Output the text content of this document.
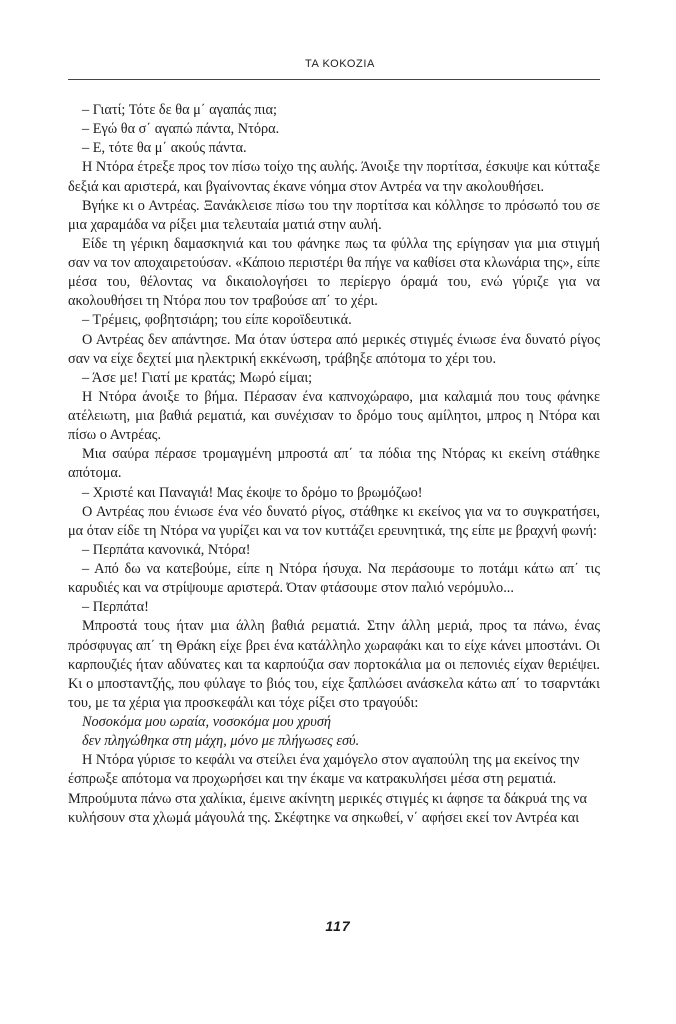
ΤΑ ΚΟΚΟΖΙΑ

– Γιατί; Τότε δε θα μ΄ αγαπάς πια;

– Εγώ θα σ΄ αγαπώ πάντα, Ντόρα.

– Ε, τότε θα μ΄ ακούς πάντα.

Η Ντόρα έτρεξε προς τον πίσω τοίχο της αυλής. Άνοιξε την πορτίτσα, έσκυψε και κύτταξε δεξιά και αριστερά, και βγαίνοντας έκανε νόημα στον Αντρέα να την ακολουθήσει.

Βγήκε κι ο Αντρέας. Ξανάκλεισε πίσω του την πορτίτσα και κόλλησε το πρόσωπό του σε μια χαραμάδα να ρίξει μια τελευταία ματιά στην αυλή.

Είδε τη γέρικη δαμασκηνιά και του φάνηκε πως τα φύλλα της ερίγησαν για μια στιγμή σαν να τον αποχαιρετούσαν. «Κάποιο περιστέρι θα πήγε να καθίσει στα κλωνάρια της», είπε μέσα του, θέλοντας να δικαιολογήσει το περίεργο όραμά του, ενώ γύριζε για να ακολουθήσει τη Ντόρα που τον τραβούσε απ΄ το χέρι.

– Τρέμεις, φοβητσιάρη; του είπε κοροϊδευτικά.

Ο Αντρέας δεν απάντησε. Μα όταν ύστερα από μερικές στιγμές ένιωσε ένα δυνατό ρίγος σαν να είχε δεχτεί μια ηλεκτρική εκκένωση, τράβηξε απότομα το χέρι του.

– Άσε με! Γιατί με κρατάς; Μωρό είμαι;

Η Ντόρα άνοιξε το βήμα. Πέρασαν ένα καπνοχώραφο, μια καλαμιά που τους φάνηκε ατέλειωτη, μια βαθιά ρεματιά, και συνέχισαν το δρόμο τους αμίλητοι, μπρος η Ντόρα και πίσω ο Αντρέας.

Μια σαύρα πέρασε τρομαγμένη μπροστά απ΄ τα πόδια της Ντόρας κι εκείνη στάθηκε απότομα.

– Χριστέ και Παναγιά! Μας έκοψε το δρόμο το βρωμόζωο!

Ο Αντρέας που ένιωσε ένα νέο δυνατό ρίγος, στάθηκε κι εκείνος για να το συγκρατήσει, μα όταν είδε τη Ντόρα να γυρίζει και να τον κυττάζει ερευνητικά, της είπε με βραχνή φωνή:

– Περπάτα κανονικά, Ντόρα!

– Από δω να κατεβούμε, είπε η Ντόρα ήσυχα. Να περάσουμε το ποτάμι κάτω απ΄ τις καρυδιές και να στρίψουμε αριστερά. Όταν φτάσουμε στον παλιό νερόμυλο...

– Περπάτα!

Μπροστά τους ήταν μια άλλη βαθιά ρεματιά. Στην άλλη μεριά, προς τα πάνω, ένας πρόσφυγας απ΄ τη Θράκη είχε βρει ένα κατάλληλο χωραφάκι και το είχε κάνει μποστάνι. Οι καρπουζιές ήταν αδύνατες και τα καρπούζια σαν πορτοκάλια μα οι πεπονιές είχαν θεριέψει. Κι ο μποσταντζής, που φύλαγε το βιός του, είχε ξαπλώσει ανάσκελα κάτω απ΄ το τσαρντάκι του, με τα χέρια για προσκεφάλι και τόχε ρίξει στο τραγούδι:

Νοσοκόμα μου ωραία, νοσοκόμα μου χρυσή

δεν πληγώθηκα στη μάχη, μόνο με πλήγωσες εσύ.

Η Ντόρα γύρισε το κεφάλι να στείλει ένα χαμόγελο στον αγαπούλη της μα εκείνος την έσπρωξε απότομα να προχωρήσει και την έκαμε να κατρακυλήσει μέσα στη ρεματιά. Μπρούμυτα πάνω στα χαλίκια, έμεινε ακίνητη μερικές στιγμές κι άφησε τα δάκρυά της να κυλήσουν στα χλωμά μάγουλά της. Σκέφτηκε να σηκωθεί, ν΄ αφήσει εκεί τον Αντρέα και

117
